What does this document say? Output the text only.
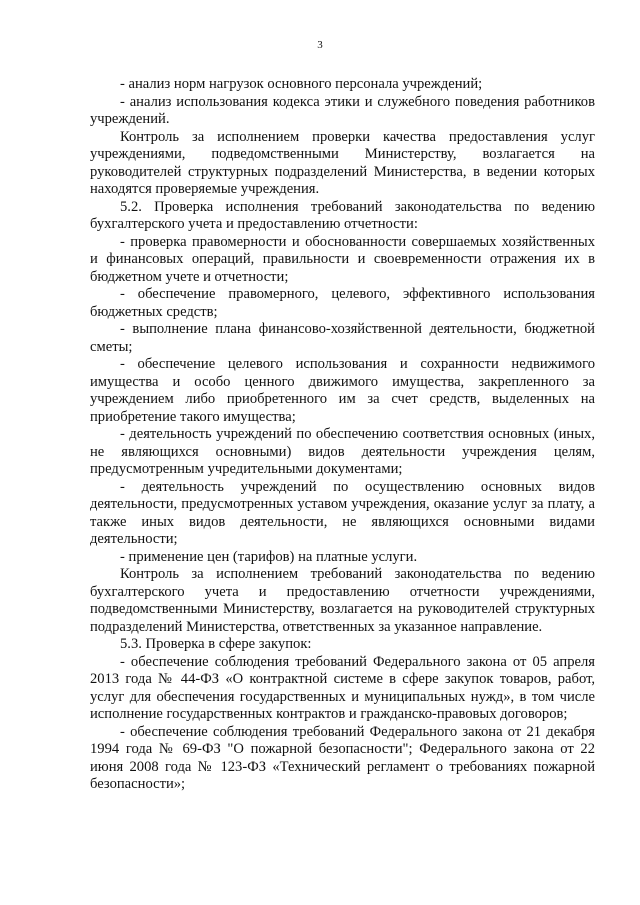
3

- анализ норм нагрузок основного персонала учреждений;

- анализ использования кодекса этики и служебного поведения работников учреждений.

Контроль за исполнением проверки качества предоставления услуг учреждениями, подведомственными Министерству, возлагается на руководителей структурных подразделений Министерства, в ведении которых находятся проверяемые учреждения.

5.2. Проверка исполнения требований законодательства по ведению бухгалтерского учета и предоставлению отчетности:

- проверка правомерности и обоснованности совершаемых хозяйственных и финансовых операций, правильности и своевременности отражения их в бюджетном учете и отчетности;

- обеспечение правомерного, целевого, эффективного использования бюджетных средств;

- выполнение плана финансово-хозяйственной деятельности, бюджетной сметы;

- обеспечение целевого использования и сохранности недвижимого имущества и особо ценного движимого имущества, закрепленного за учреждением либо приобретенного им за счет средств, выделенных на приобретение такого имущества;

- деятельность учреждений по обеспечению соответствия основных (иных, не являющихся основными) видов деятельности учреждения целям, предусмотренным учредительными документами;

- деятельность учреждений по осуществлению основных видов деятельности, предусмотренных уставом учреждения, оказание услуг за плату, а также иных видов деятельности, не являющихся основными видами деятельности;

- применение цен (тарифов) на платные услуги.

Контроль за исполнением требований законодательства по ведению бухгалтерского учета и предоставлению отчетности учреждениями, подведомственными Министерству, возлагается на руководителей структурных подразделений Министерства, ответственных за указанное направление.

5.3. Проверка в сфере закупок:

- обеспечение соблюдения требований Федерального закона от 05 апреля 2013 года № 44-ФЗ «О контрактной системе в сфере закупок товаров, работ, услуг для обеспечения государственных и муниципальных нужд», в том числе исполнение государственных контрактов и гражданско-правовых договоров;

- обеспечение соблюдения требований Федерального закона от 21 декабря 1994 года № 69-ФЗ "О пожарной безопасности"; Федерального закона от 22 июня 2008 года № 123-ФЗ «Технический регламент о требованиях пожарной безопасности»;
